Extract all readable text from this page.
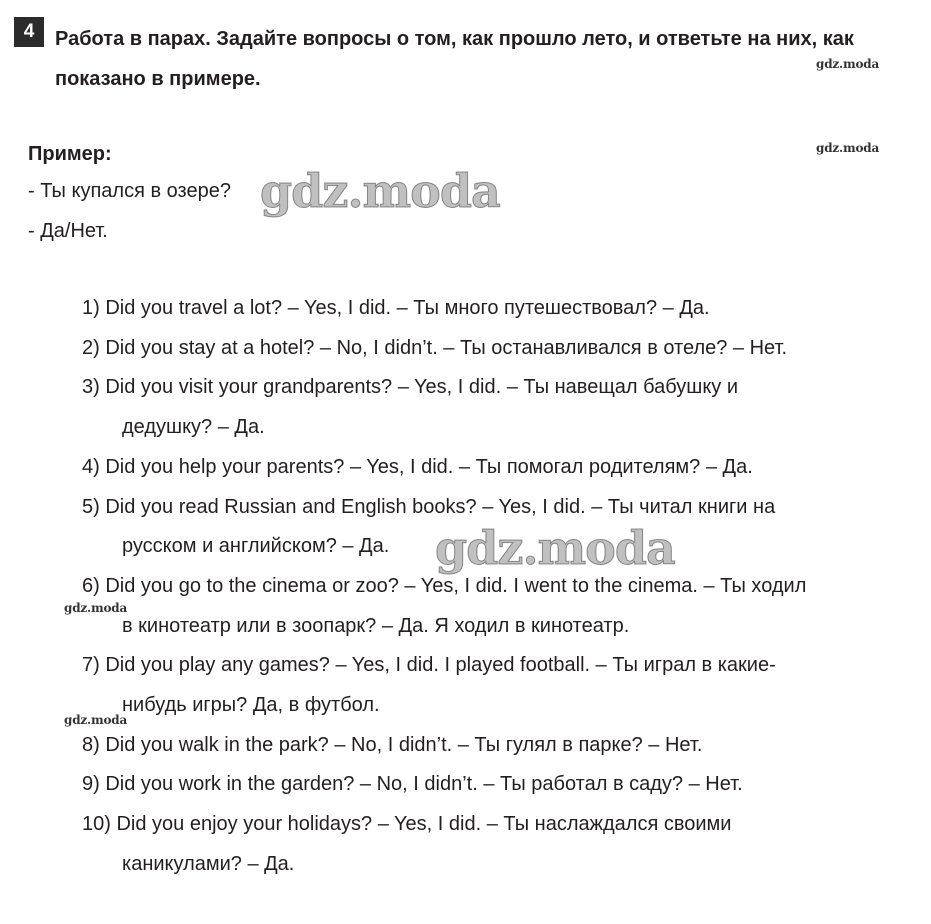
4	Работа в парах. Задайте вопросы о том, как прошло лето, и ответьте на них, как показано в примере.
gdz.moda
gdz.moda
Пример:
- Ты купался в озере?
- Да/Нет.
gdz.moda
1) Did you travel a lot? – Yes, I did. – Ты много путешествовал? – Да.
2) Did you stay at a hotel? – No, I didn’t. – Ты останавливался в отеле? – Нет.
3) Did you visit your grandparents? – Yes, I did. – Ты навещал бабушку и
дедушку? – Да.
4) Did you help your parents? – Yes, I did. – Ты помогал родителям? – Да.
5) Did you read Russian and English books? – Yes, I did. – Ты читал книги на
русском и английском? – Да.
6) Did you go to the cinema or zoo? – Yes, I did. I went to the cinema. – Ты ходил
в кинотеатр или в зоопарк? – Да. Я ходил в кинотеатр.
7) Did you play any games? – Yes, I did. I played football. – Ты играл в какие-
нибудь игры? Да, в футбол.
8) Did you walk in the park? – No, I didn’t. – Ты гулял в парке? – Нет.
9) Did you work in the garden? – No, I didn’t. – Ты работал в саду? – Нет.
10) Did you enjoy your holidays? – Yes, I did. – Ты наслаждался своими
каникулами? – Да.
gdz.moda
gdz.moda
gdz.moda
